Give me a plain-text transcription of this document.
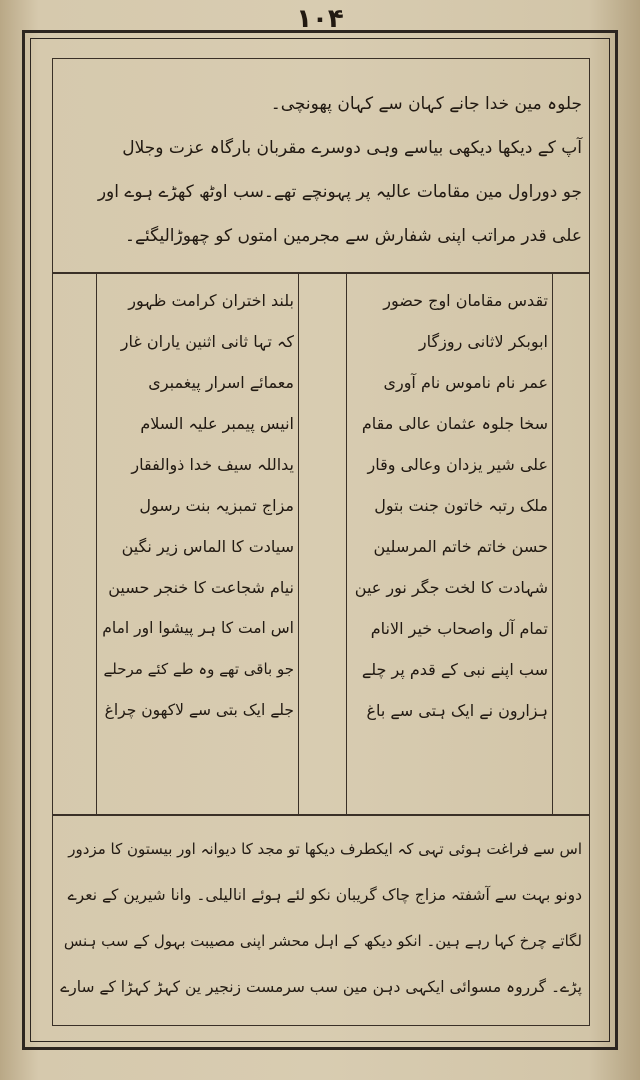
۱۰۴
جلوہ مین خدا جانے کہان سے کہان پھونچی۔
آپ کے دیکھا دیکھی بیاسے وہی دوسرے مقربان بارگاہ عزت وجلال
جو دوراول مین مقامات عالیہ پر پہونچے تھے۔سب اوٹھ کھڑے ہوے اور
علی قدر مراتب اپنی شفارش سے مجرمین امتوں کو چھوڑالیگئے۔
تقدس مقامان اوج حضور
ابوبکر لاثانی روزگار
عمر نام ناموس نام آوری
سخا جلوہ عثمان عالی مقام
علی شیر یزدان وعالی وقار
ملک رتبہ خاتون جنت بتول
حسن خاتم خاتم المرسلین
شہادت کا لخت جگر نور عین
تمام آل واصحاب خیر الانام
سب اپنے نبی کے قدم پر چلے
ہزارون نے ایک ہتی سے باغ
بلند اختران کرامت ظہور
کہ تہا ثانی اثنین یاران غار
معمائے اسرار پیغمبری
انیس پیمبر علیہ السلام
یداللہ سیف خدا ذوالفقار
مزاج تمبزیہ بنت رسول
سیادت کا الماس زیر نگین
نیام شجاعت کا خنجر حسین
اس امت کا ہر پیشوا اور امام
جو باقی تھے وہ طے کئے مرحلے
جلے ایک بتی سے لاکھون چراغ
اس سے فراغت ہوئی تہی کہ ایکطرف دیکھا تو مجد کا دیوانہ اور بیستون کا مزدور
دونو بہت سے آشفتہ مزاج چاک گریبان نکو لئے ہوئے انالیلی۔ وانا شیرین کے نعرے
لگاتے چرخ کہا رہے ہین۔ انکو دیکھ کے اہل محشر اپنی مصیبت بہول کے سب ہنس
پڑے۔ گرروہ مسوائی ایکہی دہن مین سب سرمست زنجیر ین کہڑ کہڑا کے سارے
